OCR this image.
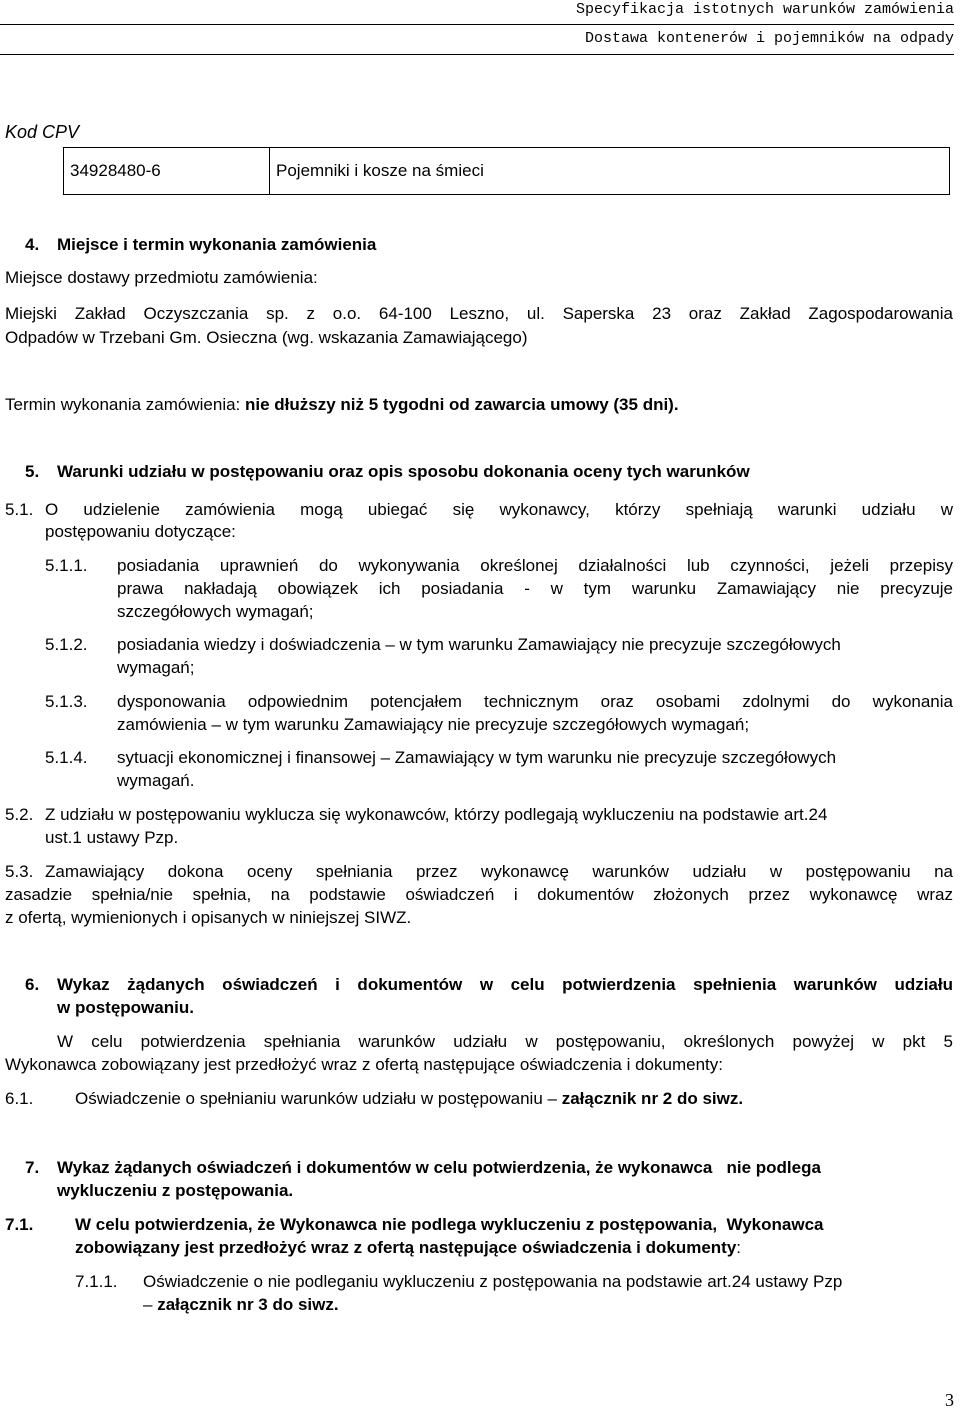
Specyfikacja istotnych warunków zamówienia
Dostawa kontenerów i pojemników na odpady
Kod CPV
34928480-6	Pojemniki i kosze na śmieci
4. Miejsce i termin wykonania zamówienia
Miejsce dostawy przedmiotu zamówienia:
Miejski Zakład Oczyszczania sp. z o.o. 64-100 Leszno, ul. Saperska 23 oraz Zakład Zagospodarowania
Odpadów w Trzebani Gm. Osieczna (wg. wskazania Zamawiającego)
Termin wykonania zamówienia: nie dłuższy niż 5 tygodni od zawarcia umowy (35 dni).
5. Warunki udziału w postępowaniu oraz opis sposobu dokonania oceny tych warunków
5.1. O udzielenie zamówienia mogą ubiegać się wykonawcy, którzy spełniają warunki udziału w
postępowaniu dotyczące:
5.1.1. posiadania uprawnień do wykonywania określonej działalności lub czynności, jeżeli przepisy
prawa nakładają obowiązek ich posiadania - w tym warunku Zamawiający nie precyzuje
szczegółowych wymagań;
5.1.2. posiadania wiedzy i doświadczenia – w tym warunku Zamawiający nie precyzuje szczegółowych
wymagań;
5.1.3. dysponowania odpowiednim potencjałem technicznym oraz osobami zdolnymi do wykonania
zamówienia – w tym warunku Zamawiający nie precyzuje szczegółowych wymagań;
5.1.4. sytuacji ekonomicznej i finansowej – Zamawiający w tym warunku nie precyzuje szczegółowych
wymagań.
5.2. Z udziału w postępowaniu wyklucza się wykonawców, którzy podlegają wykluczeniu na podstawie art.24
ust.1 ustawy Pzp.
5.3. Zamawiający dokona oceny spełniania przez wykonawcę warunków udziału w postępowaniu na
zasadzie spełnia/nie spełnia, na podstawie oświadczeń i dokumentów złożonych przez wykonawcę wraz
z ofertą, wymienionych i opisanych w niniejszej SIWZ.
6. Wykaz żądanych oświadczeń i dokumentów w celu potwierdzenia spełnienia warunków udziału
w postępowaniu.
W celu potwierdzenia spełniania warunków udziału w postępowaniu, określonych powyżej w pkt 5
Wykonawca zobowiązany jest przedłożyć wraz z ofertą następujące oświadczenia i dokumenty:
6.1. Oświadczenie o spełnianiu warunków udziału w postępowaniu – załącznik nr 2 do siwz.
7. Wykaz żądanych oświadczeń i dokumentów w celu potwierdzenia, że wykonawca   nie podlega
wykluczeniu z postępowania.
7.1. W celu potwierdzenia, że Wykonawca nie podlega wykluczeniu z postępowania,  Wykonawca
zobowiązany jest przedłożyć wraz z ofertą następujące oświadczenia i dokumenty:
7.1.1. Oświadczenie o nie podleganiu wykluczeniu z postępowania na podstawie art.24 ustawy Pzp
– załącznik nr 3 do siwz.
3
